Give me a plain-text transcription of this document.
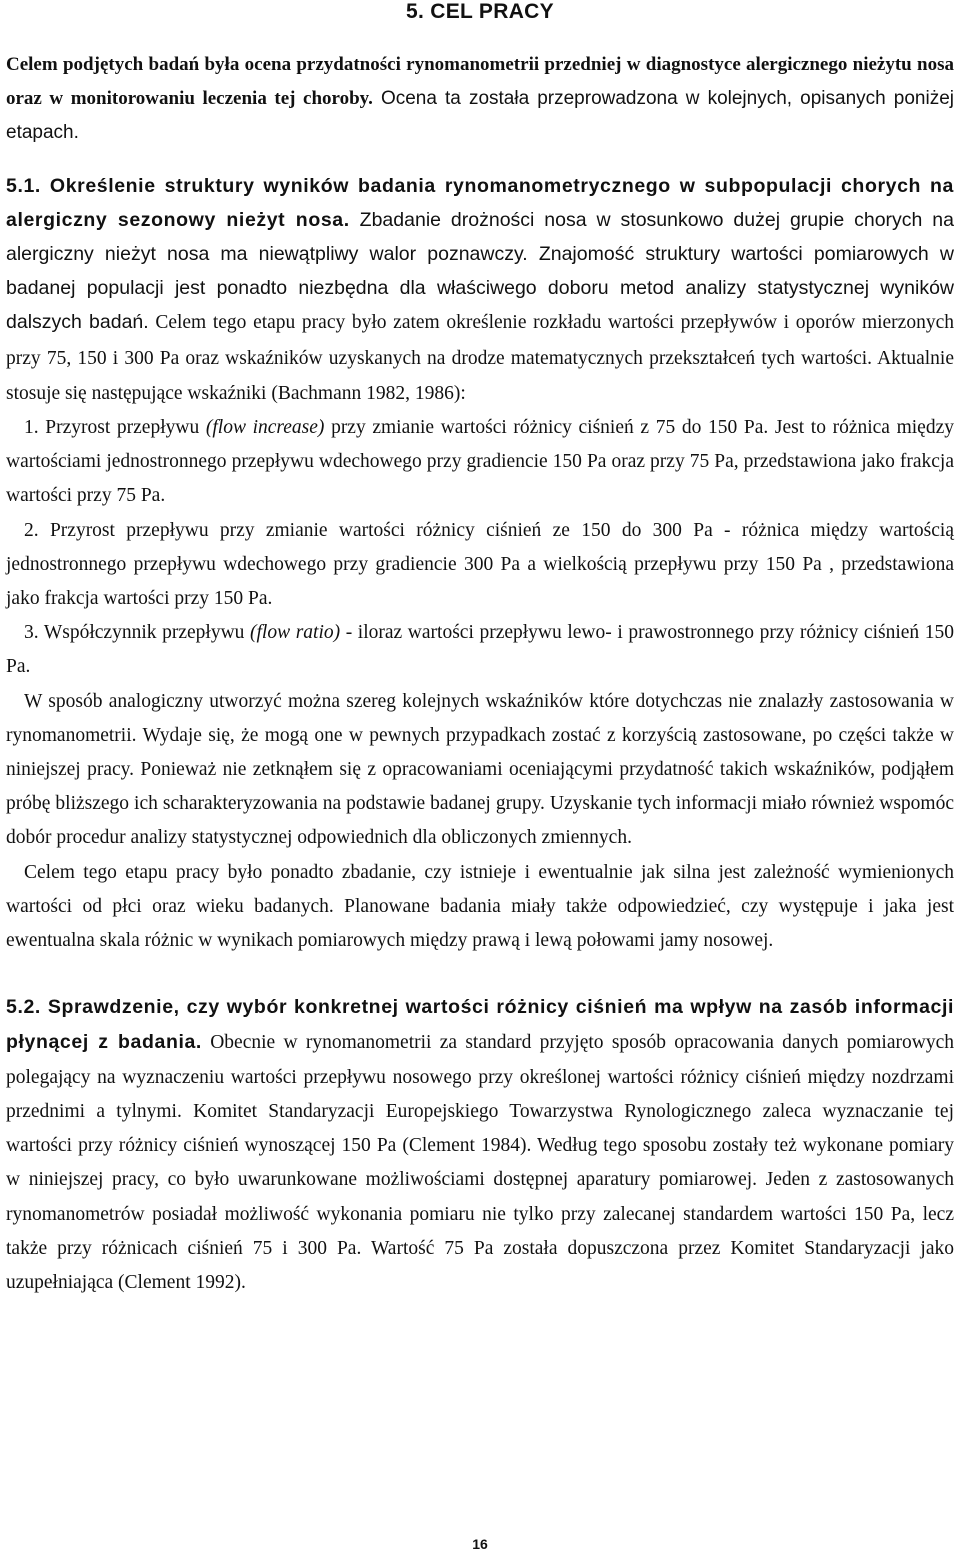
5. CEL PRACY

Celem podjętych badań była ocena przydatności rynomanometrii przedniej w diagnostyce alergicznego nieżytu nosa oraz w monitorowaniu leczenia tej choroby. Ocena ta została przeprowadzona w kolejnych, opisanych poniżej etapach.

5.1. Określenie struktury wyników badania rynomanometrycznego w subpopulacji chorych na alergiczny sezonowy nieżyt nosa. Zbadanie drożności nosa w stosunkowo dużej grupie chorych na alergiczny nieżyt nosa ma niewątpliwy walor poznawczy. Znajomość struktury wartości pomiarowych w badanej populacji jest ponadto niezbędna dla właściwego doboru metod analizy statystycznej wyników dalszych badań. Celem tego etapu pracy było zatem określenie rozkładu wartości przepływów i oporów mierzonych przy 75, 150 i 300 Pa oraz wskaźników uzyskanych na drodze matematycznych przekształceń tych wartości. Aktualnie stosuje się następujące wskaźniki (Bachmann 1982, 1986):

1. Przyrost przepływu (flow increase) przy zmianie wartości różnicy ciśnień z 75 do 150 Pa. Jest to różnica między wartościami jednostronnego przepływu wdechowego przy gradiencie 150 Pa oraz przy 75 Pa, przedstawiona jako frakcja wartości przy 75 Pa.

2. Przyrost przepływu przy zmianie wartości różnicy ciśnień ze 150 do 300 Pa - różnica między wartością jednostronnego przepływu wdechowego przy gradiencie 300 Pa a wielkością przepływu przy 150 Pa , przedstawiona jako frakcja wartości przy 150 Pa.

3. Współczynnik przepływu (flow ratio) - iloraz wartości przepływu lewo- i prawostronnego przy różnicy ciśnień 150 Pa.

W sposób analogiczny utworzyć można szereg kolejnych wskaźników które dotychczas nie znalazły zastosowania w rynomanometrii. Wydaje się, że mogą one w pewnych przypadkach zostać z korzyścią zastosowane, po części także w niniejszej pracy. Ponieważ nie zetknąłem się z opracowaniami oceniającymi przydatność takich wskaźników, podjąłem próbę bliższego ich scharakteryzowania na podstawie badanej grupy. Uzyskanie tych informacji miało również wspomóc dobór procedur analizy statystycznej odpowiednich dla obliczonych zmiennych.

Celem tego etapu pracy było ponadto zbadanie, czy istnieje i ewentualnie jak silna jest zależność wymienionych wartości od płci oraz wieku badanych. Planowane badania miały także odpowiedzieć, czy występuje i jaka jest ewentualna skala różnic w wynikach pomiarowych między prawą i lewą połowami jamy nosowej.

5.2. Sprawdzenie, czy wybór konkretnej wartości różnicy ciśnień ma wpływ na zasób informacji płynącej z badania. Obecnie w rynomanometrii za standard przyjęto sposób opracowania danych pomiarowych polegający na wyznaczeniu wartości przepływu nosowego przy określonej wartości różnicy ciśnień między nozdrzami przednimi a tylnymi. Komitet Standaryzacji Europejskiego Towarzystwa Rynologicznego zaleca wyznaczanie tej wartości przy różnicy ciśnień wynoszącej 150 Pa (Clement 1984). Według tego sposobu zostały też wykonane pomiary w niniejszej pracy, co było uwarunkowane możliwościami dostępnej aparatury pomiarowej. Jeden z zastosowanych rynomanometrów posiadał możliwość wykonania pomiaru nie tylko przy zalecanej standardem wartości 150 Pa, lecz także przy różnicach ciśnień 75 i 300 Pa. Wartość 75 Pa została dopuszczona przez Komitet Standaryzacji jako uzupełniająca (Clement 1992).

16
